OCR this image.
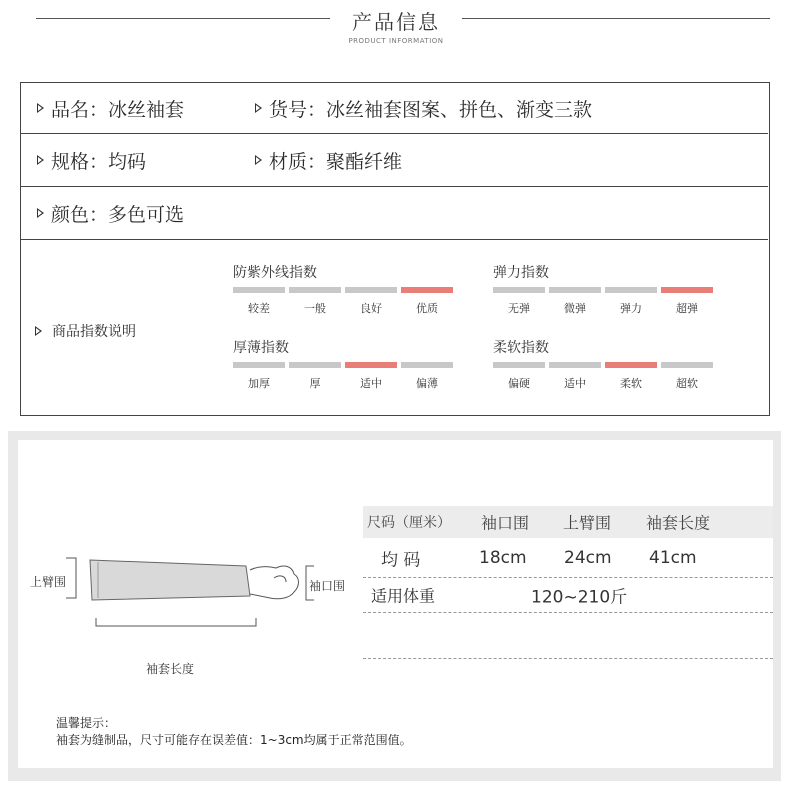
产品信息
PRODUCT INFORMATION
品名：冰丝袖套	货号：冰丝袖套图案、拼色、渐变三款
规格：均码	材质：聚酯纤维
颜色：多色可选
商品指数说明
防紫外线指数
较差	一般	良好	优质
弹力指数
无弹	微弹	弹力	超弹
厚薄指数
加厚	厚	适中	偏薄
柔软指数
偏硬	适中	柔软	超软
上臂围	袖口围
袖套长度
尺码（厘米） 袖口围 上臂围 袖套长度
均 码	18cm 24cm 41cm
适用体重	120~210斤
温馨提示：
袖套为缝制品，尺寸可能存在误差值：1~3cm均属于正常范围值。
